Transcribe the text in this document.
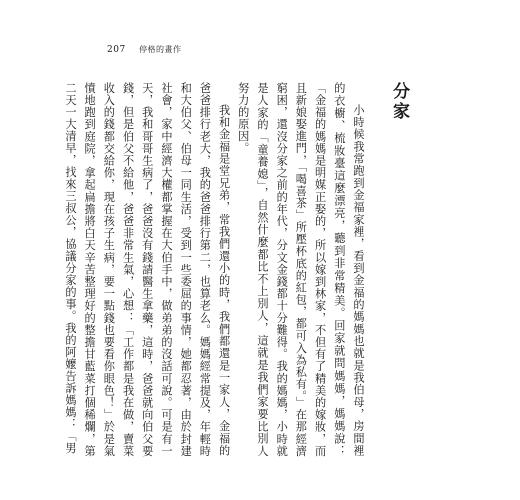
207 停格的畫作
分家

小時候我常跑到金福家裡，看到金福的媽媽也就是我伯母，房間裡的衣櫥、梳妝臺這麼漂亮，聽到非常精美。回家就問媽媽，媽媽說：「金福的媽媽是明媒正娶的，所以嫁到林家，不但有了精美的嫁妝，而且新娘娶進門，「喝喜茶」所壓杯底的紅包，都可入為私有。」在那經濟窮困，還沒分家之前的年代，分文金錢都十分難得。我的媽媽，小時就是人家的「童養媳」，自然什麼都比不上別人，這就是我們家要比別人努力的原因。

我和金福是堂兄弟，常我們還小的時，我們都還是一家人，金福的爸爸排行老大，我的爸爸排行第二，也算老么。媽媽經常提及，年輕時和大伯父、伯母一同生活，受到一些委屈的事情，她都忍著，由於封建社會，家中經濟大權都掌握在大伯手中，做弟弟的沒話可說。可是有一天，我和哥哥生病了，爸爸沒有錢請醫生拿藥，這時，爸爸就向伯父要錢，但是伯父不給他，爸爸非常生氣，心想：「工作都是我在做，賣菜收入的錢都交給你，現在孩子生病，要一點錢也要看你眼色！」於是氣憤地跑到庭院，拿起扁擔將白天辛苦整理好的整擔甘藍菜打個稀爛，第二天一大清早，找來三叔公，協議分家的事。我的阿嬤告訴媽媽：「男
